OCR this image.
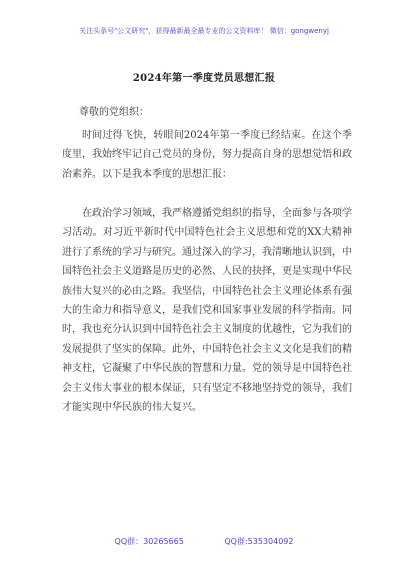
关注头条号"公文研究"，获得最新最全最专业的公文资料库！ 微信：gongwenyj
2024年第一季度党员思想汇报
尊敬的党组织：

时间过得飞快，转眼间2024年第一季度已经结束。在这个季度里，我始终牢记自己党员的身份，努力提高自身的思想觉悟和政治素养。以下是我本季度的思想汇报：

在政治学习领域，我严格遵循党组织的指导，全面参与各项学习活动。对习近平新时代中国特色社会主义思想和党的XX大精神进行了系统的学习与研究。通过深入的学习，我清晰地认识到，中国特色社会主义道路是历史的必然、人民的抉择，更是实现中华民族伟大复兴的必由之路。我坚信，中国特色社会主义理论体系有强大的生命力和指导意义，是我们党和国家事业发展的科学指南。同时，我也充分认识到中国特色社会主义制度的优越性，它为我们的发展提供了坚实的保障。此外，中国特色社会主义文化是我们的精神支柱，它凝聚了中华民族的智慧和力量。党的领导是中国特色社会主义伟大事业的根本保证，只有坚定不移地坚持党的领导，我们才能实现中华民族的伟大复兴。

QQ群：30265665	QQ群:535304092
